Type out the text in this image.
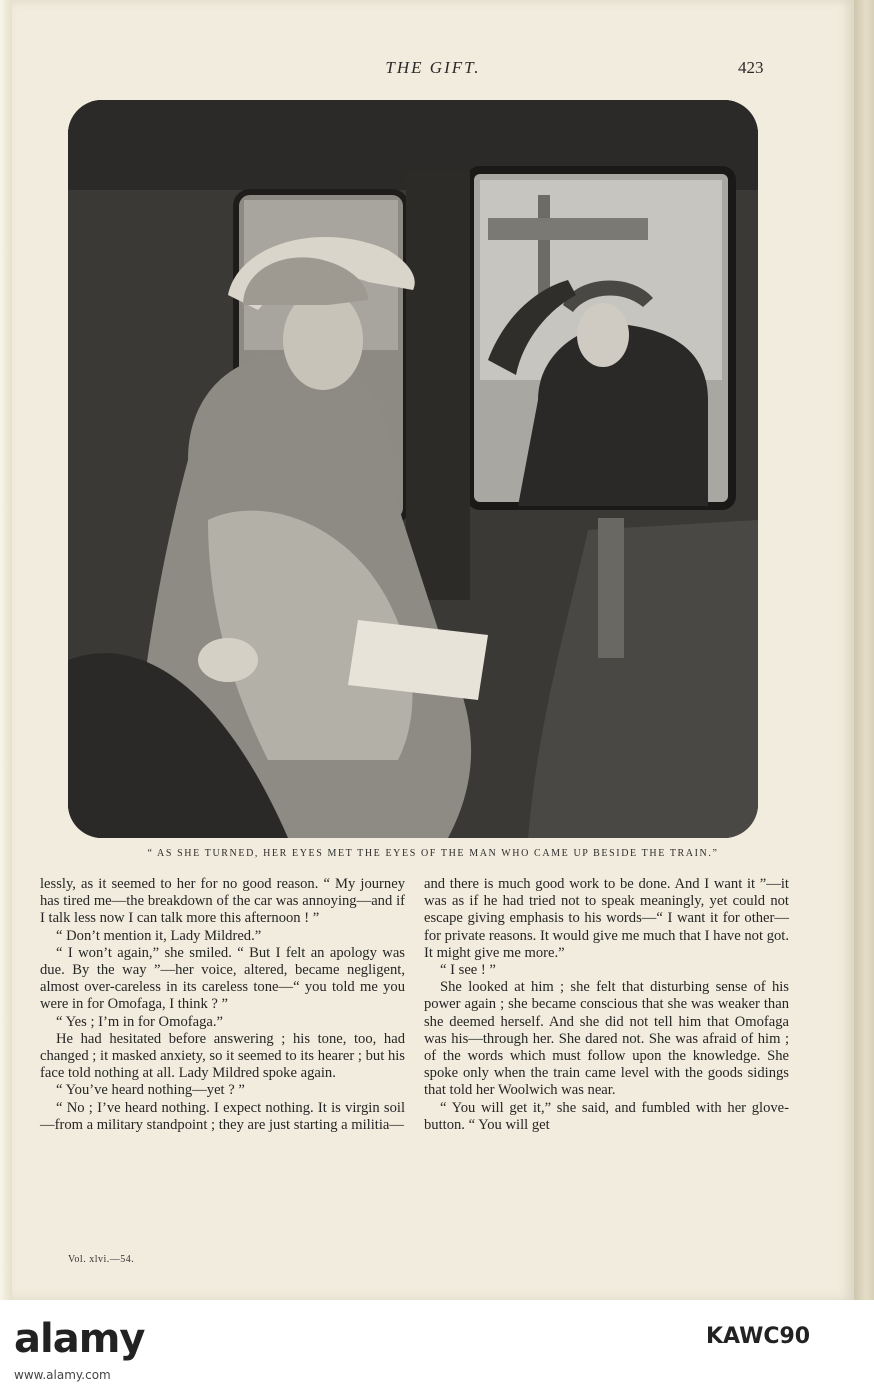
THE GIFT.	423
“ AS SHE TURNED, HER EYES MET THE EYES OF THE MAN WHO CAME UP BESIDE THE TRAIN.”

lessly, as it seemed to her for no good reason. “ My journey has tired me—the breakdown of the car was annoying—and if I talk less now I can talk more this afternoon ! ”

“ Don’t mention it, Lady Mildred.”

“ I won’t again,” she smiled. “ But I felt an apology was due. By the way ”—her voice, altered, became negligent, almost over-careless in its careless tone—“ you told me you were in for Omofaga, I think ? ”

“ Yes ; I’m in for Omofaga.”

He had hesitated before answering ; his tone, too, had changed ; it masked anxiety, so it seemed to its hearer ; but his face told nothing at all. Lady Mildred spoke again.

“ You’ve heard nothing—yet ? ”

“ No ; I’ve heard nothing. I expect nothing. It is virgin soil—from a military standpoint ; they are just starting a militia—

and there is much good work to be done. And I want it ”—it was as if he had tried not to speak meaningly, yet could not escape giving emphasis to his words—“ I want it for other—for private reasons. It would give me much that I have not got. It might give me more.”

“ I see ! ”

She looked at him ; she felt that disturbing sense of his power again ; she became conscious that she was weaker than she deemed herself. And she did not tell him that Omofaga was his—through her. She dared not. She was afraid of him ; of the words which must follow upon the knowledge. She spoke only when the train came level with the goods sidings that told her Woolwich was near.

“ You will get it,” she said, and fumbled with her glove-button. “ You will get

Vol. xlvi.—54.
alamy	KAWC90
www.alamy.com
